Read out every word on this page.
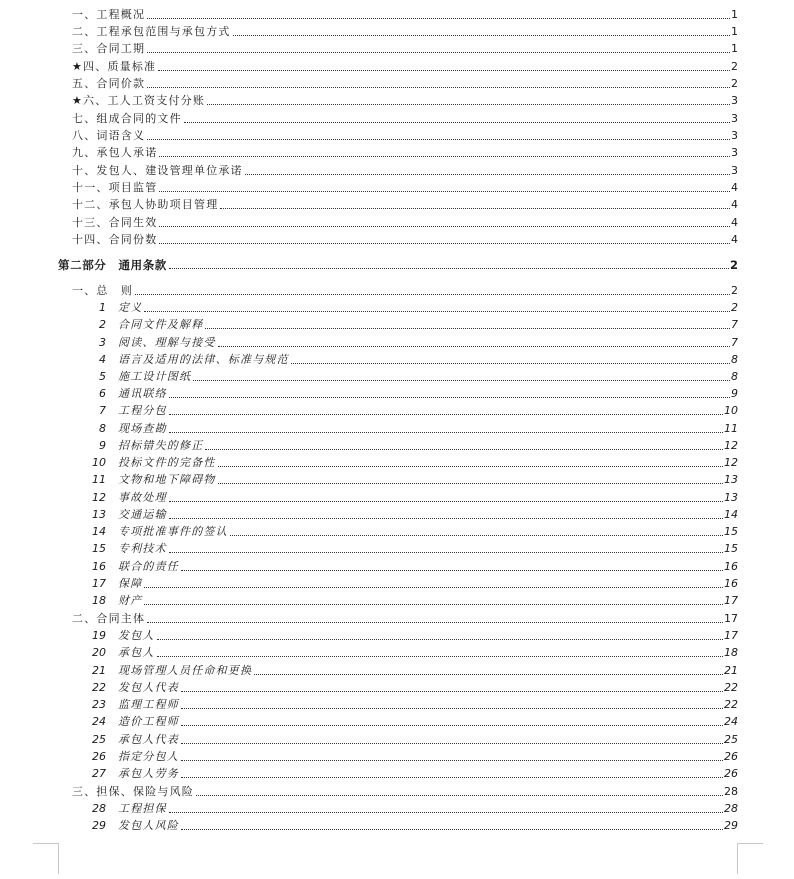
一、工程概况	1
二、工程承包范围与承包方式	1
三、合同工期	1
★四、质量标准	2
五、合同价款	2
★六、工人工资支付分账	3
七、组成合同的文件	3
八、词语含义	3
九、承包人承诺	3
十、发包人、建设管理单位承诺	3
十一、项目监管	4
十二、承包人协助项目管理	4
十三、合同生效	4
十四、合同份数	4
第二部分　通用条款	2
一、总　则	2
1 定义	2
2 合同文件及解释	7
3 阅读、理解与接受	7
4 语言及适用的法律、标准与规范	8
5 施工设计图纸	8
6 通讯联络	9
7 工程分包	10
8 现场查勘	11
9 招标错失的修正	12
10 投标文件的完备性	12
11 文物和地下障碍物	13
12 事故处理	13
13 交通运输	14
14 专项批准事件的签认	15
15 专利技术	15
16 联合的责任	16
17 保障	16
18 财产	17
二、合同主体	17
19 发包人	17
20 承包人	18
21 现场管理人员任命和更换	21
22 发包人代表	22
23 监理工程师	22
24 造价工程师	24
25 承包人代表	25
26 指定分包人	26
27 承包人劳务	26
三、担保、保险与风险	28
28 工程担保	28
29 发包人风险	29
